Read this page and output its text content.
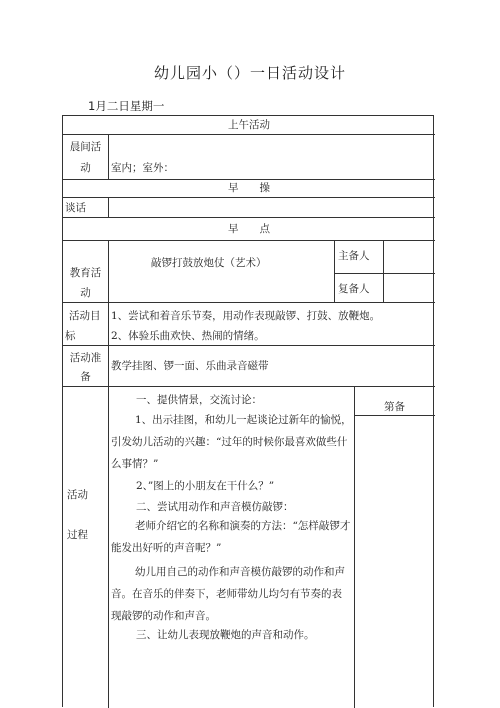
幼儿园小（）一日活动设计
1月二日星期一
上午活动
晨间活
动	室内；室外：
早　　操
谈话
早　　点
教育活
动
敲锣打鼓放炮仗（艺术）
主备人
复备人
活动目
标
1、尝试和着音乐节奏，用动作表现敲锣、打鼓、放鞭炮。
2、体验乐曲欢快、热闹的情绪。
活动准
备
教学挂图、锣一面、乐曲录音磁带
活动
过程
第备
一、提供情景，交流讨论：
1、出示挂图，和幼儿一起谈论过新年的愉悦，引发幼儿活动的兴趣：“过年的时候你最喜欢做些什么事情？”
2、”图上的小朋友在干什么？”
二、尝试用动作和声音模仿敲锣：
老师介绍它的名称和演奏的方法：“怎样敲锣才能发出好听的声音呢？”
幼儿用自己的动作和声音模仿敲锣的动作和声音。在音乐的伴奏下，老师带幼儿均匀有节奏的表现敲锣的动作和声音。
三、让幼儿表现放鞭炮的声音和动作。
